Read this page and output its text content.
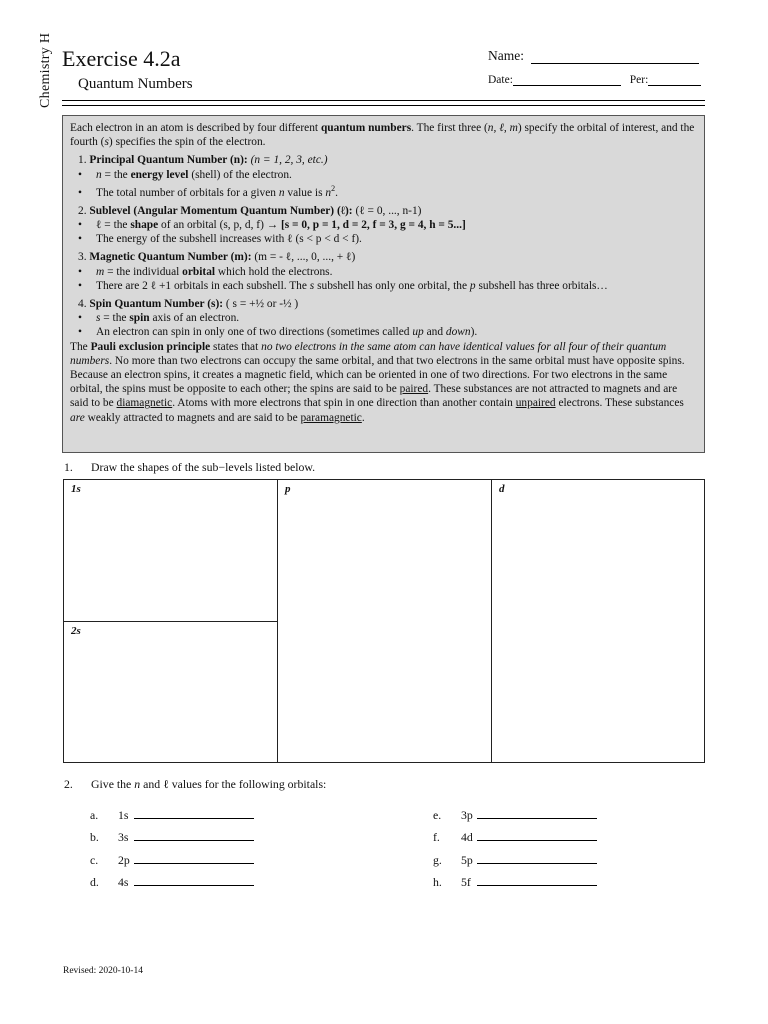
Chemistry H Exercise 4.2a
Quantum Numbers
Name:
Date:	Per:

Each electron in an atom is described by four different quantum numbers. The first three (n, ℓ, m) specify the orbital of interest, and the fourth (s) specifies the spin of the electron.

1. Principal Quantum Number (n): (n = 1, 2, 3, etc.)
• n = the energy level (shell) of the electron.
• The total number of orbitals for a given n value is $n^2$.
2. Sublevel (Angular Momentum Quantum Number) (ℓ): (ℓ = 0, ..., n-1)
• ℓ = the shape of an orbital (s, p, d, f) → [s = 0, p = 1, d = 2, f = 3, g = 4, h = 5...]
• The energy of the subshell increases with ℓ (s < p < d < f).
3. Magnetic Quantum Number (m): (m = - ℓ, ..., 0, ..., + ℓ)
• m = the individual orbital which hold the electrons.
• There are 2 ℓ +1 orbitals in each subshell. The s subshell has only one orbital, the p subshell has three orbitals…
4. Spin Quantum Number (s): ( s = +½ or -½ )
• s = the spin axis of an electron.
• An electron can spin in only one of two directions (sometimes called up and down).

The Pauli exclusion principle states that no two electrons in the same atom can have identical values for all four of their quantum numbers. No more than two electrons can occupy the same orbital, and that two electrons in the same orbital must have opposite spins. Because an electron spins, it creates a magnetic field, which can be oriented in one of two directions. For two electrons in the same orbital, the spins must be opposite to each other; the spins are said to be paired. These substances are not attracted to magnets and are said to be diamagnetic. Atoms with more electrons that spin in one direction than another contain unpaired electrons. These substances are weakly attracted to magnets and are said to be paramagnetic.

1. Draw the shapes of the sub−levels listed below.
1s
2s
p	d
2. Give the n and ℓ values for the following orbitals:
a. 1s
b. 3s
c. 2p
d. 4s
e. 3p
f. 4d
g. 5p
h. 5f
Revised: 2020-10-14
